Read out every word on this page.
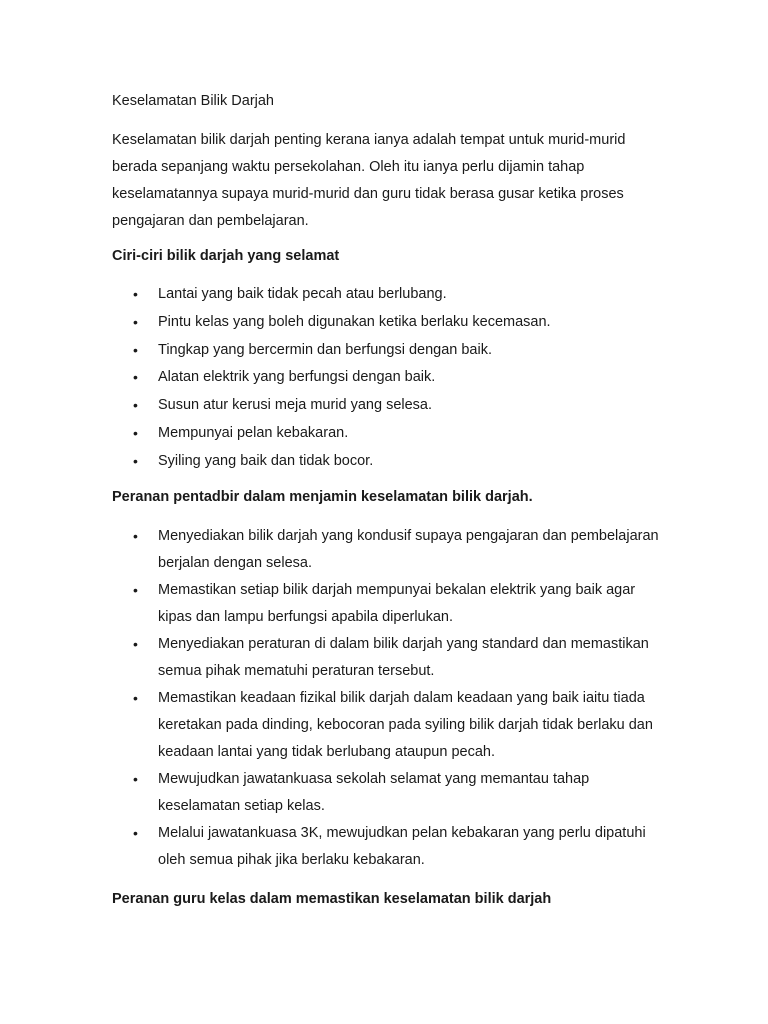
Keselamatan Bilik Darjah
Keselamatan bilik darjah penting kerana ianya adalah tempat untuk murid-murid berada sepanjang waktu persekolahan. Oleh itu ianya perlu dijamin tahap keselamatannya supaya murid-murid dan guru tidak berasa gusar ketika proses pengajaran dan pembelajaran.
Ciri-ciri bilik darjah yang selamat
• Lantai yang baik tidak pecah atau berlubang.
• Pintu kelas yang boleh digunakan ketika berlaku kecemasan.
• Tingkap yang bercermin dan berfungsi dengan baik.
• Alatan elektrik yang berfungsi dengan baik.
• Susun atur kerusi meja murid yang selesa.
• Mempunyai pelan kebakaran.
• Syiling yang baik dan tidak bocor.
Peranan pentadbir dalam menjamin keselamatan bilik darjah.
• Menyediakan bilik darjah yang kondusif supaya pengajaran dan pembelajaran berjalan dengan selesa.
• Memastikan setiap bilik darjah mempunyai bekalan elektrik yang baik agar kipas dan lampu berfungsi apabila diperlukan.
• Menyediakan peraturan di dalam bilik darjah yang standard dan memastikan semua pihak mematuhi peraturan tersebut.
• Memastikan keadaan fizikal bilik darjah dalam keadaan yang baik iaitu tiada keretakan pada dinding, kebocoran pada syiling bilik darjah tidak berlaku dan keadaan lantai yang tidak berlubang ataupun pecah.
• Mewujudkan jawatankuasa sekolah selamat yang memantau tahap keselamatan setiap kelas.
• Melalui jawatankuasa 3K, mewujudkan pelan kebakaran yang perlu dipatuhi oleh semua pihak jika berlaku kebakaran.
Peranan guru kelas dalam memastikan keselamatan bilik darjah
